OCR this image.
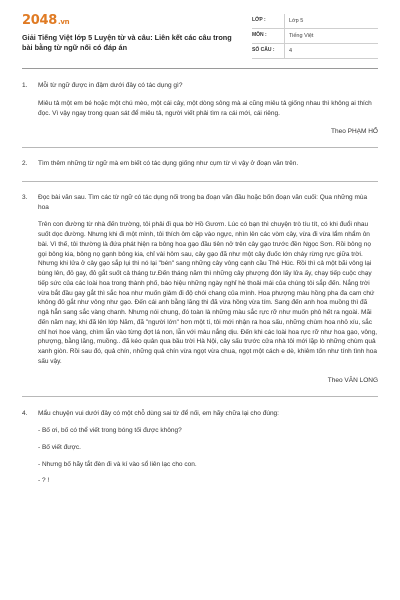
2048.vn
Giải Tiếng Việt lớp 5 Luyện từ và câu: Liên kết các câu trong bài bằng từ ngữ nối có đáp án
LỚP :	Lớp 5
MÔN :	Tiếng Việt
SỐ CÂU :	4
1. Mỗi từ ngữ được in đậm dưới đây có tác dụng gì?

Miêu tả một em bé hoặc một chú mèo, một cái cây, một dòng sông mà ai cũng miêu tả giống nhau thì không ai thích đọc. Vì vậy ngay trong quan sát để miêu tả, người viết phải tìm ra cái mới, cái riêng.

Theo PHẠM HỔ

2. Tìm thêm những từ ngữ mà em biết có tác dụng giống như cụm từ vì vậy ở đoạn văn trên.

3. Đọc bài văn sau. Tìm các từ ngữ có tác dụng nối trong ba đoạn văn đầu hoặc bốn đoạn văn cuối: Qua những mùa hoa

Trên con đường từ nhà đến trường, tôi phải đi qua bờ Hồ Gươm. Lúc có bạn thì chuyện trò tíu tít, có khi đuổi nhau suốt dọc đường. Nhưng khi đi một mình, tôi thích ôm cặp vào ngực, nhìn lên các vòm cây, vừa đi vừa lẩm nhẩm ôn bài. Vì thế, tôi thường là đứa phát hiện ra bông hoa gạo đầu tiên nở trên cây gạo trước đền Ngọc Sơn. Rồi bông nọ gọi bông kia, bông nọ gạnh bông kia, chỉ vài hôm sau, cây gạo đã như một cây đuốc lớn cháy rừng rực giữa trời. Nhưng khi lửa ở cây gạo sắp lụi thì nó lại "bén" sang những cây vông cạnh cầu Thê Húc. Rồi thì cả một bãi vông lại bùng lên, đỏ gay, đỏ gắt suốt cả tháng tư.Đến tháng năm thì những cây phượng đón lấy lửa ấy, chạy tiếp cuộc chạy tiếp sức của các loài hoa trong thành phố, báo hiệu những ngày nghỉ hè thoải mái của chúng tôi sắp đến. Nắng trời vừa bắt đầu gay gắt thì sắc hoa như muốn giảm đi độ chói chang của mình. Hoa phượng màu hồng pha đa cam chứ không đỏ gắt như vông như gạo. Đến cái anh bằng lăng thì đã vừa hồng vừa tím. Sang đến anh hoa muồng thì đã ngả hẳn sang sắc vàng chanh. Nhưng nói chung, đó toàn là những màu sắc rực rỡ như muốn phô hết ra ngoài. Mãi đến năm nay, khi đã lên lớp Năm, đã "người lớn" hơn một tí, tôi mới nhận ra hoa sấu, những chùm hoa nhỏ xíu, sắc chỉ hơi hoe vàng, chìm lẫn vào từng đợt lá non, lẫn với màu nắng dịu. Đến khi các loài hoa rực rỡ như hoa gạo, vông, phượng, bằng lăng, muồng.. đã kéo quân qua bầu trời Hà Nội, cây sấu trước cửa nhà tôi mới lặp lò những chùm quả xanh giòn. Rồi sau đó, quả chín, những quả chín vừa ngọt vừa chua, ngọt một cách e dè, khiêm tốn như tính tình hoa sấu vậy.

Theo VĂN LONG

4. Mẩu chuyện vui dưới đây có một chỗ dùng sai từ để nối, em hãy chữa lại cho đúng:

- Bố ơi, bố có thể viết trong bóng tối được không?

- Bố viết được.

- Nhưng bố hãy tắt đèn đi và kí vào sổ liên lạc cho con.

- ? !
